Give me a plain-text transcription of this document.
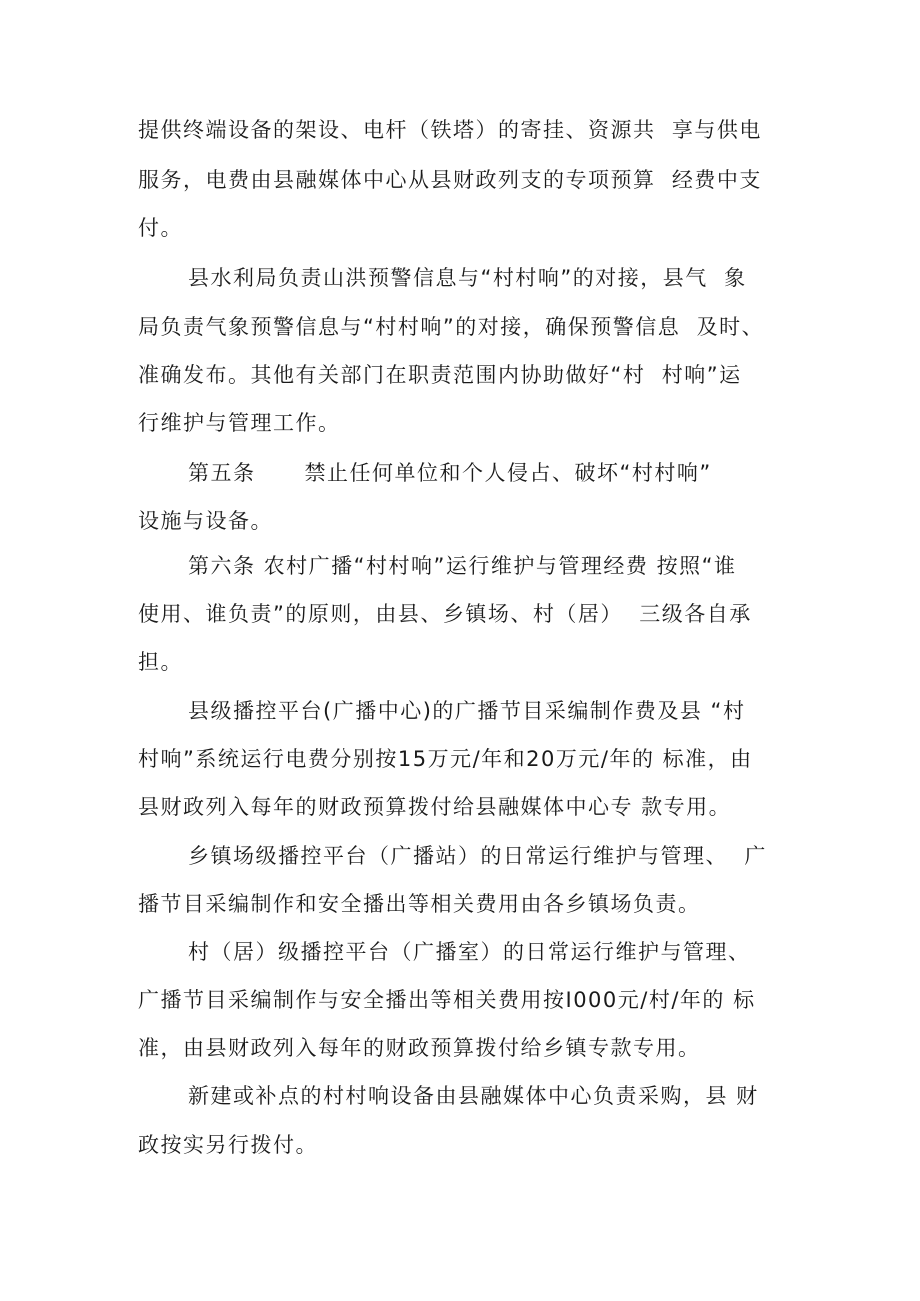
提供终端设备的架设、电杆（铁塔）的寄挂、资源共  享与供电
服务，电费由县融媒体中心从县财政列支的专项预算  经费中支
付。
县水利局负责山洪预警信息与“村村响”的对接，县气  象
局负责气象预警信息与“村村响”的对接，确保预警信息  及时、
准确发布。其他有关部门在职责范围内协助做好“村  村响”运
行维护与管理工作。
第五条      禁止任何单位和个人侵占、破坏“村村响”
设施与设备。
第六条 农村广播“村村响”运行维护与管理经费 按照“谁
使用、谁负责”的原则，由县、乡镇场、村（居）  三级各自承
担。
县级播控平台(广播中心)的广播节目采编制作费及县 “村
村响”系统运行电费分别按15万元/年和20万元/年的 标准，由
县财政列入每年的财政预算拨付给县融媒体中心专 款专用。
乡镇场级播控平台（广播站）的日常运行维护与管理、  广
播节目采编制作和安全播出等相关费用由各乡镇场负责。
村（居）级播控平台（广播室）的日常运行维护与管理、
广播节目采编制作与安全播出等相关费用按I000元/村/年的 标
准，由县财政列入每年的财政预算拨付给乡镇专款专用。
新建或补点的村村响设备由县融媒体中心负责采购，县 财
政按实另行拨付。
